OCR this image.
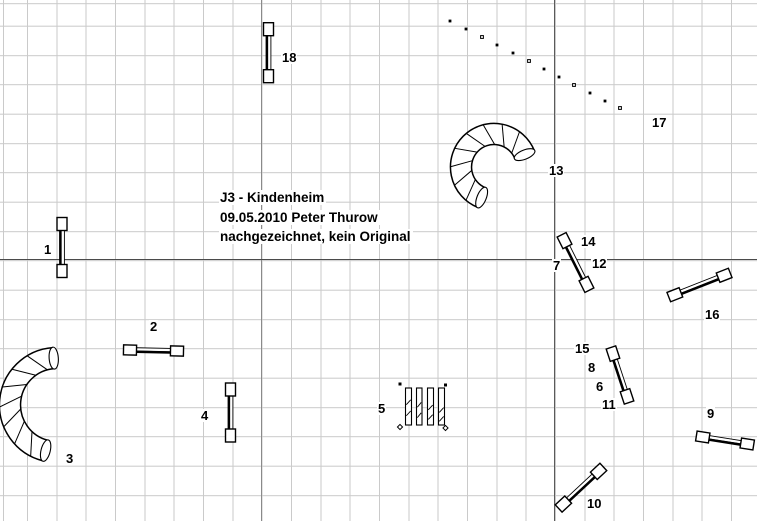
1
2
3
4	5
6
7
8
9
10
11
12
13
14
15
16
17
18
J3 - Kindenheim
09.05.2010 Peter Thurow
nachgezeichnet, kein Original
